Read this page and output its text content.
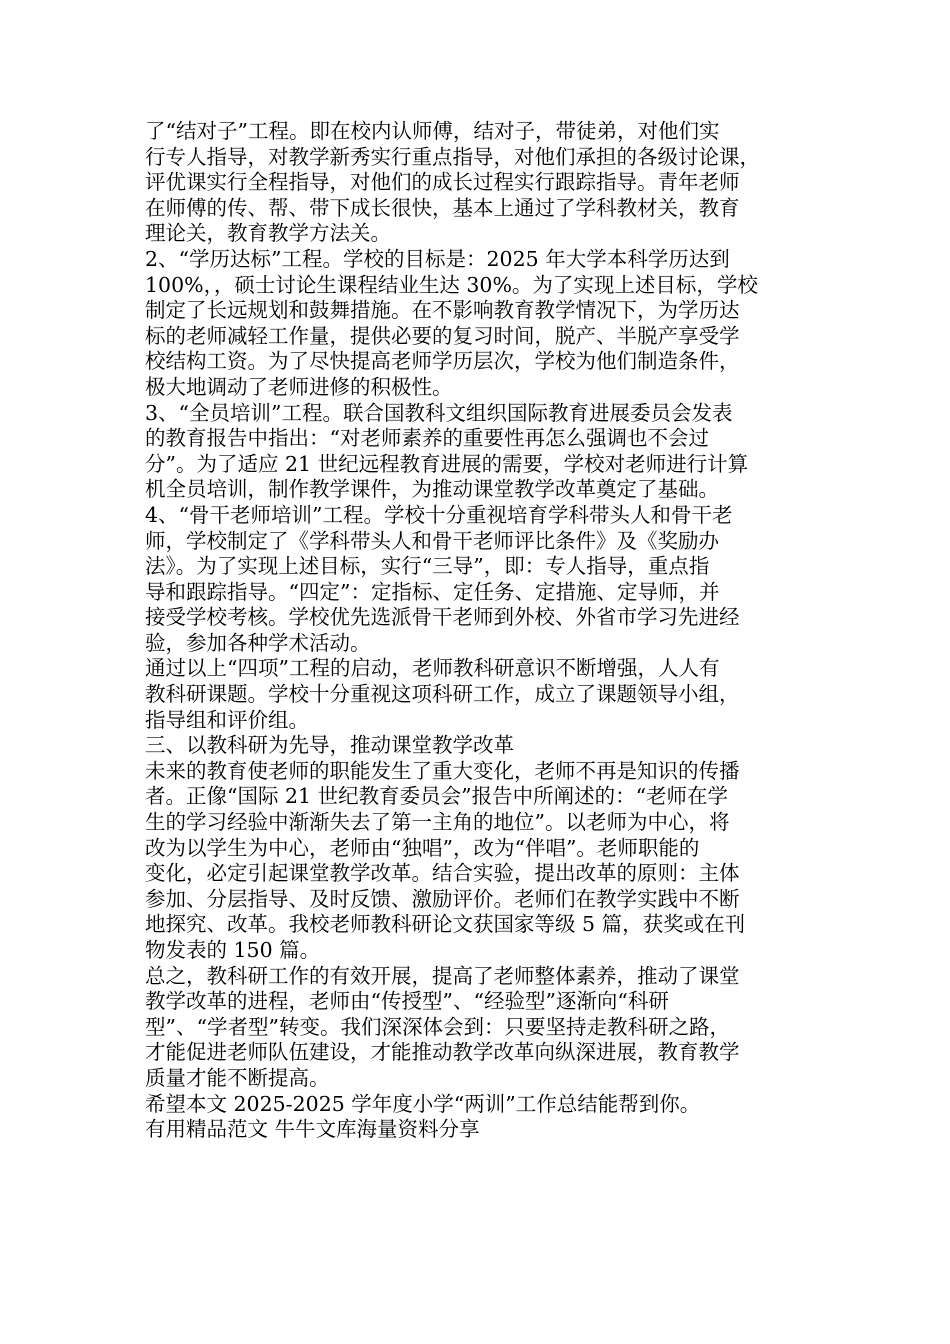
了“结对子”工程。即在校内认师傅，结对子，带徒弟，对他们实
行专人指导，对教学新秀实行重点指导，对他们承担的各级讨论课，
评优课实行全程指导，对他们的成长过程实行跟踪指导。青年老师
在师傅的传、帮、带下成长很快，基本上通过了学科教材关，教育
理论关，教育教学方法关。

2、“学历达标”工程。学校的目标是：2025 年大学本科学历达到
100%，，硕士讨论生课程结业生达 30%。为了实现上述目标，学校
制定了长远规划和鼓舞措施。在不影响教育教学情况下，为学历达
标的老师减轻工作量，提供必要的复习时间，脱产、半脱产享受学
校结构工资。为了尽快提高老师学历层次，学校为他们制造条件，
极大地调动了老师进修的积极性。

3、“全员培训”工程。联合国教科文组织国际教育进展委员会发表
的教育报告中指出：“对老师素养的重要性再怎么强调也不会过
分”。为了适应 21 世纪远程教育进展的需要，学校对老师进行计算
机全员培训，制作教学课件，为推动课堂教学改革奠定了基础。

4、“骨干老师培训”工程。学校十分重视培育学科带头人和骨干老
师，学校制定了《学科带头人和骨干老师评比条件》及《奖励办
法》。为了实现上述目标，实行“三导”，即：专人指导，重点指
导和跟踪指导。“四定”：定指标、定任务、定措施、定导师，并
接受学校考核。学校优先选派骨干老师到外校、外省市学习先进经
验，参加各种学术活动。

通过以上“四项”工程的启动，老师教科研意识不断增强，人人有
教科研课题。学校十分重视这项科研工作，成立了课题领导小组，
指导组和评价组。

三、以教科研为先导，推动课堂教学改革

未来的教育使老师的职能发生了重大变化，老师不再是知识的传播
者。正像“国际 21 世纪教育委员会”报告中所阐述的：“老师在学
生的学习经验中渐渐失去了第一主角的地位”。以老师为中心，将
改为以学生为中心，老师由“独唱”，改为“伴唱”。老师职能的
变化，必定引起课堂教学改革。结合实验，提出改革的原则：主体
参加、分层指导、及时反馈、激励评价。老师们在教学实践中不断
地探究、改革。我校老师教科研论文获国家等级 5 篇，获奖或在刊
物发表的 150 篇。

总之，教科研工作的有效开展，提高了老师整体素养，推动了课堂
教学改革的进程，老师由“传授型”、“经验型”逐渐向“科研
型”、“学者型”转变。我们深深体会到：只要坚持走教科研之路，
才能促进老师队伍建设，才能推动教学改革向纵深进展，教育教学
质量才能不断提高。

希望本文 2025-2025 学年度小学“两训”工作总结能帮到你。

有用精品范文 牛牛文库海量资料分享
